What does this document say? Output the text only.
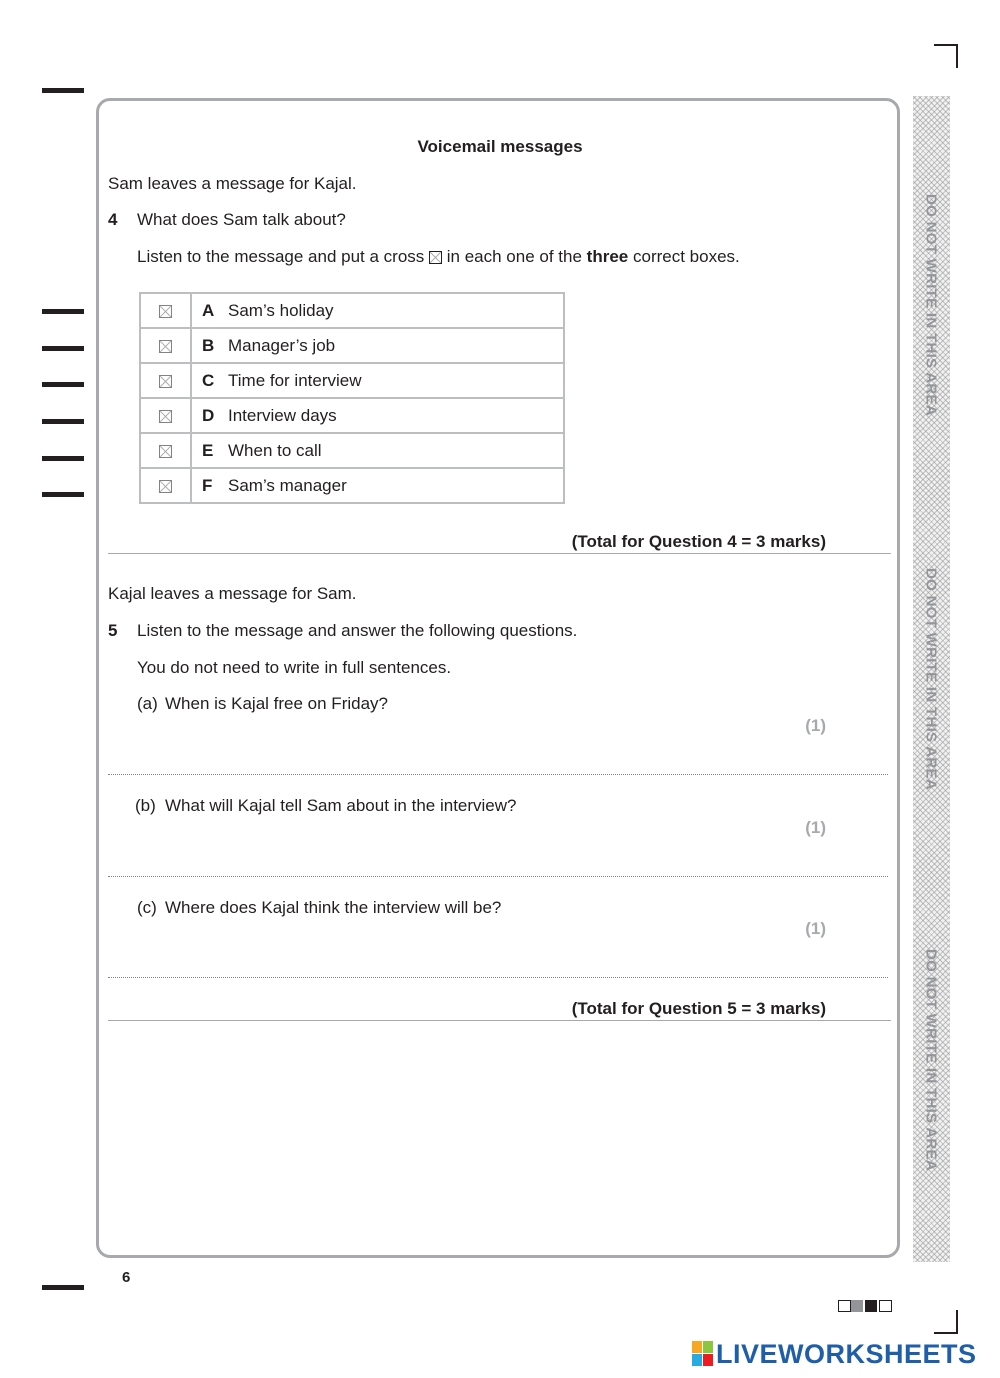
DO NOT WRITE IN THIS AREA
DO NOT WRITE IN THIS AREA
DO NOT WRITE IN THIS AREA
Voicemail messages
Sam leaves a message for Kajal.
4 What does Sam talk about?
Listen to the message and put a cross ☒ in each one of the three correct boxes.
	A Sam’s holiday
	B Manager’s job
	C Time for interview
	D Interview days
	E When to call
	F Sam’s manager
(Total for Question 4 = 3 marks)
Kajal leaves a message for Sam.
5 Listen to the message and answer the following questions.
You do not need to write in full sentences.
(a) When is Kajal free on Friday?
(1)
(b) What will Kajal tell Sam about in the interview?
(1)
(c) Where does Kajal think the interview will be?
(1)
(Total for Question 5 = 3 marks)
6
LIVEWORKSHEETS
